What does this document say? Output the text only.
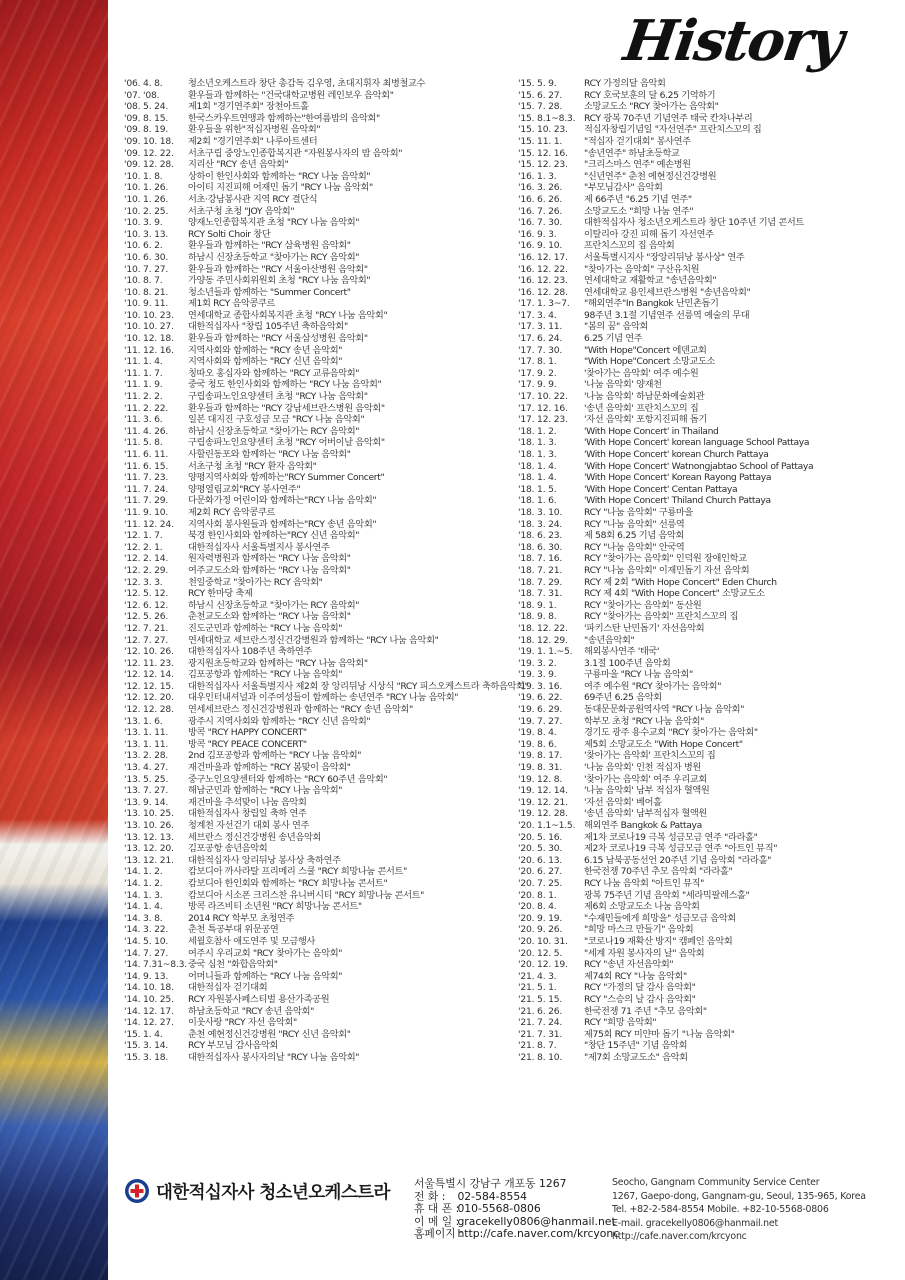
History
'06. 4. 8.	청소년오케스트라 창단 총감독 김우영, 초대지휘자 최병철교수
'07. '08.	환우들과 함께하는 "건국대학교병원 레인보우 음악회"
'08. 5. 24.	제1회 "경기연주회" 장천아트홀
'09. 8. 15.	한국스카우트연맹과 함께하는"한여름밤의 음악회"
'09. 8. 19.	환우들을 위한"적십자병원 음악회"
'09. 10. 18.	제2회 "경기연주회" 나루아트센터
'09. 12. 22.	서초구립 중앙노인종합복지관 "자원봉사자의 밤 음악회"
'09. 12. 28.	지리산 "RCY 송년 음악회"
'10. 1. 8.	상하이 한인사회와 함께하는 "RCY 나눔 음악회"
'10. 1. 26.	아이티 지진피해 어재민 돕기 "RCY 나눔 음악회"
'10. 1. 26.	서초·강남봉사관 지역 RCY 결단식
'10. 2. 25.	서초구청 초청 "JOY 음악회"
'10. 3. 9.	양재노인종합복지관 초청 "RCY 나눔 음악회"
'10. 3. 13.	RCY Solti Choir 창단
'10. 6. 2.	환우들과 함께하는 "RCY 삼육병원 음악회"
'10. 6. 30.	하남시 신장초등학교 "찾아가는 RCY 음악회"
'10. 7. 27.	환우들과 함께하는 "RCY 서울아산병원 음악회"
'10. 8. 7.	가양동 주민사회위원회 초청 "RCY 나눔 음악회"
'10. 8. 21.	청소년들과 함께하는 "Summer Concert"
'10. 9. 11.	제1회 RCY 음악콩쿠르
'10. 10. 23.	연세대학교 종합사회복지관 초청 "RCY 나눔 음악회"
'10. 10. 27.	대한적십자사 "창립 105주년 축하음악회"
'10. 12. 18.	환우들과 함께하는 "RCY 서울삼성병원 음악회"
'11. 12. 16.	지역사회와 함께하는 "RCY 송년 음악회"
'11. 1. 4.	지역사회와 함께하는 "RCY 신년 음악회"
'11. 1. 7.	칭따오 홍십자와 함께하는 "RCY 교류음악회"
'11. 1. 9.	중국 청도 한인사회와 함께하는 "RCY 나눔 음악회"
'11. 2. 2.	구립송파노인요양센터 초청 "RCY 나눔 음악회"
'11. 2. 22.	환우들과 함께하는 "RCY 강남세브란스병원 음악회"
'11. 3. 6.	일본 대지진 구호성금 모금 "RCY 나눔 음악회"
'11. 4. 26.	하남시 신장초등학교 "찾아가는 RCY 음악회"
'11. 5. 8.	구립송파노인요양센터 초청 "RCY 어버이날 음악회"
'11. 6. 11.	사할린동포와 함께하는 "RCY 나눔 음악회"
'11. 6. 15.	서초구청 초청 "RCY 환자 음악회"
'11. 7. 23.	양평지역사회와 함께하는"RCY Summer Concert"
'11. 7. 24.	양평열림교회"RCY 봉사연주"
'11. 7. 29.	다문화가정 어린이와 함께하는"RCY 나눔 음악회"
'11. 9. 10.	제2회 RCY 음악콩쿠르
'11. 12. 24.	지역사회 봉사원들과 함께하는"RCY 송년 음악회"
'12. 1. 7.	북경 한인사회와 함께하는"RCY 신년 음악회"
'12. 2. 1.	대한적십자사 서울특별지사 봉사연주
'12. 2. 14.	원자력병원과 함께하는 "RCY 나눔 음악회"
'12. 2. 29.	여주교도소와 함께하는 "RCY 나눔 음악회"
'12. 3. 3.	천일중학교 "찾아가는 RCY 음악회"
'12. 5. 12.	RCY 한마당 축제
'12. 6. 12.	하남시 신장초등학교 "찾아가는 RCY 음악회"
'12. 5. 26.	춘천교도소와 함께하는 "RCY 나눔 음악회"
'12. 7. 21.	진도군민과 함께하는 "RCY 나눔 음악회"
'12. 7. 27.	연세대학교 세브란스정신건강병원과 함께하는 "RCY 나눔 음악회"
'12. 10. 26.	대한적십자사 108주년 축하연주
'12. 11. 23.	광지원초등학교와 함께하는 "RCY 나눔 음악회"
'12. 12. 14.	김포공항과 함께하는 "RCY 나눔 음악회"
'12. 12. 15.	대한적십자사 서울특별지사 제2회 장 앙리뒤낭 시상식 "RCY 피스오케스트라 축하음악회"
'12. 12. 20.	대우인터내셔널과 이주여성들이 함께하는 송년연주 "RCY 나눔 음악회"
'12. 12. 28.	연세세브란스 정신건강병원과 함께하는 "RCY 송년 음악회"
'13. 1. 6.	광주시 지역사회와 함께하는 "RCY 신년 음악회"
'13. 1. 11.	방콕 "RCY HAPPY CONCERT"
'13. 1. 11.	방콕 "RCY PEACE CONCERT"
'13. 2. 28.	2nd 김포공항과 함께하는 "RCY 나눔 음악회"
'13. 4. 27.	재건마을과 함께하는 "RCY 봄맞이 음악회"
'13. 5. 25.	중구노인요양센터와 함께하는 "RCY 60주년 음악회"
'13. 7. 27.	해남군민과 함께하는 "RCY 나눔 음악회"
'13. 9. 14.	재건마을 추석맞이 나눔 음악회
'13. 10. 25.	대한적십자사 창립일 축하 연주
'13. 10. 26.	청계천 자선걷기 대회 봉사 연주
'13. 12. 13.	세브란스 정신건강병원 송년음악회
'13. 12. 20.	김포공항 송년음악회
'13. 12. 21.	대한적십자사 앙리뒤낭 봉사상 축하연주
'14. 1. 2.	캄보디아 까사라탈 프리메리 스쿨 "RCY 희망나눔 콘서트"
'14. 1. 2.	캄보디아 한인회와 함께하는 "RCY 희망나눔 콘서트"
'14. 1. 3.	캄보디아 시소폰 크리스찬 유니버시티 "RCY 희망나눔 콘서트"
'14. 1. 4.	방콕 라즈비티 소년원 "RCY 희망나눔 콘서트"
'14. 3. 8.	2014 RCY 학부모 초청연주
'14. 3. 22.	춘천 특공부대 위문공연
'14. 5. 10.	세월호참사 애도연주 및 모금행사
'14. 7. 27.	여주시 우리교회 "RCY 찾아가는 음악회"
'14. 7.31~8.3. 중국 심천 "화합음악회"
'14. 9. 13.	어머니들과 함께하는 "RCY 나눔 음악회"
'14. 10. 18.	대한적십자 걷기대회
'14. 10. 25.	RCY 자원봉사페스티벌 용산가족공원
'14. 12. 17.	하남초등학교 "RCY 송년 음악회"
'14. 12. 27.	이웃사랑 "RCY 자선 음악회"
'15. 1. 4.	춘천 예현정신건강병원 "RCY 신년 음악회"
'15. 3. 14.	RCY 부모님 감사음악회
'15. 3. 18.	대한적십자사 봉사자의날 "RCY 나눔 음악회"
'15. 5. 9.	RCY 가정의달 음악회
'15. 6. 27.	RCY 호국보훈의 달 6.25 기억하기
'15. 7. 28.	소망교도소 "RCY 찾아가는 음악회"
'15. 8.1~8.3. RCY 광복 70주년 기념연주 태국 칸차나부리
'15. 10. 23.	적십자창립기념일 "자선연주" 프란치스꼬의 집
'15. 11. 1.	"적십자 걷기대회" 봉사연주
'15. 12. 16.	"송년연주" 하남초등학교
'15. 12. 23.	"크리스마스 연주" 예손병원
'16. 1. 3.	"신년연주" 춘천 예현정신건강병원
'16. 3. 26.	"부모님감사" 음악회
'16. 6. 26.	제 66주년 "6.25 기념 연주"
'16. 7. 26.	소망교도소 "희망 나눔 연주"
'16. 7. 30.	대한적십자사 청소년오케스트라 창단 10주년 기념 콘서트
'16. 9. 3.	이탈리아 강진 피해 돕기 자선연주
'16. 9. 10.	프란치스꼬의 집 음악회
'16. 12. 17.	서울특별시지사 "장앙리뒤낭 봉사상" 연주
'16. 12. 22.	"찾아가는 음악회" 구산유치원
'16. 12. 23.	연세대학교 재활학교 "송년음악회"
'16. 12. 28.	연세대학교 용인세브란스병원 "송년음악회"
'17. 1. 3~7.	"해외연주"In Bangkok 난민촌돕기
'17. 3. 4.	98주년 3.1절 기념연주 선릉역 예술의 무대
'17. 3. 11.	"봄의 꿈" 음악회
'17. 6. 24.	6.25 기념 연주
'17. 7. 30.	"With Hope"Concert 에덴교회
'17. 8. 1.	"With Hope"Concert 소망교도소
'17. 9. 2.	'찾아가는 음악회' 여주 예수원
'17. 9. 9.	'나눔 음악회' 양재천
'17. 10. 22.	'나눔 음악회' 하남문화예술회관
'17. 12. 16.	'송년 음악회' 프란치스꼬의 집
'17. 12. 23.	'자선 음악회' 포항지진피해 돕기
'18. 1. 2.	'With Hope Concert' in Thailand
'18. 1. 3.	'With Hope Concert' korean language School Pattaya
'18. 1. 3.	'With Hope Concert' korean Church Pattaya
'18. 1. 4.	'With Hope Concert' Watnongjabtao School of Pattaya
'18. 1. 4.	'With Hope Concert' Korean Rayong Pattaya
'18. 1. 5.	'With Hope Concert' Centan Pattaya
'18. 1. 6.	'With Hope Concert' Thiland Church Pattaya
'18. 3. 10.	RCY "나눔 음악회" 구룡마을
'18. 3. 24.	RCY "나눔 음악회" 선릉역
'18. 6. 23.	제 58회 6.25 기념 음악회
'18. 6. 30.	RCY "나눔 음악회" 안국역
'18. 7. 16.	RCY "찾아가는 음악회" 인덕원 장애인학교
'18. 7. 21.	RCY "나눔 음악회" 이재민돕기 자선 음악회
'18. 7. 29.	RCY 제 2회 "With Hope Concert" Eden Church
'18. 7. 31.	RCY 제 4회 "With Hope Concert" 소망교도소
'18. 9. 1.	RCY "찾아가는 음악회" 동산원
'18. 9. 8.	RCY "찾아가는 음악회" 프란치스꼬의 집
'18. 12. 22.	'파키스탄 난민돕기' 자선음악회
'18. 12. 29.	"송년음악회"
'19. 1. 1.~5.	해외봉사연주 '태국'
'19. 3. 2.	3.1절 100주년 음악회
'19. 3. 9.	구룡마을 "RCY 나눔 음악회"
'19. 3. 16.	여주 예수원 "RCY 찾아가는 음악회"
'19. 6. 22.	69주년 6.25 음악회
'19. 6. 29.	동대문문화공원역사역 "RCY 나눔 음악회"
'19. 7. 27.	학부모 초청 "RCY 나눔 음악회"
'19. 8. 4.	경기도 광주 용수교회 "RCY 찾아가는 음악회"
'19. 8. 6.	제5회 소망교도소 "With Hope Concert"
'19. 8. 17.	'찾아가는 음악회' 프란치스꼬의 집
'19. 8. 31.	'나눔 음악회' 인천 적십자 병원
'19. 12. 8.	'찾아가는 음악회' 여주 우리교회
'19. 12. 14.	'나눔 음악회' 남부 적십자 혈액원
'19. 12. 21.	'자선 음악회' 베어홀
'19. 12. 28.	'송년 음악회' 남부적십자 혈액원
'20. 1.1~1.5. 해외연주 Bangkok & Pattaya
'20. 5. 16.	제1차 코로나19 극복 성금모금 연주 "라라홀"
'20. 5. 30.	제2차 코로나19 극복 성금모금 연주 "아트인 뮤직"
'20. 6. 13.	6.15 남북공동선언 20주년 기념 음악회 "라라홀"
'20. 6. 27.	한국전쟁 70주년 추모 음악회 "라라홀"
'20. 7. 25.	RCY 나눔 음악회 "아트인 뮤직"
'20. 8. 1.	광복 75주년 기념 음악회 "세라믹팔레스홀"
'20. 8. 4.	제6회 소망교도소 나눔 음악회
'20. 9. 19.	"수재민들에게 희망을" 성금모금 음악회
'20. 9. 26.	"희망 마스크 만들기" 음악회
'20. 10. 31.	"코로나19 재확산 방지" 캠페인 음악회
'20. 12. 5.	"세계 자원 봉사자의 날" 음악회
'20. 12. 19.	RCY "송년 자선음악회"
'21. 4. 3.	제74회 RCY "나눔 음악회"
'21. 5. 1.	RCY "가정의 달 감사 음악회"
'21. 5. 15.	RCY "스승의 날 감사 음악회"
'21. 6. 26.	한국전쟁 71 주년 "추모 음악회"
'21. 7. 24.	RCY "희망 음악회"
'21. 7. 31.	제75회 RCY 미얀마 돕기 "나눔 음악회"
'21. 8. 7.	"창단 15주년" 기념 음악회
'21. 8. 10.	"제7회 소망교도소" 음악회
대한적십자사 청소년오케스트라 서울특별시 강남구 개포동 1267
전 화 :
	02-584-8554
휴 대 폰 :

010-5568-0806
이 메 일 :

gracekelly0806@hanmail.net
홈페이지 :

http://cafe.naver.com/krcyonc
Seocho, Gangnam Community Service Center
1267, Gaepo-dong, Gangnam-gu, Seoul, 135-965, Korea
Tel. +82-2-584-8554 Mobile. +82-10-5568-0806
E-mail. gracekelly0806@hanmail.net
http://cafe.naver.com/krcyonc
